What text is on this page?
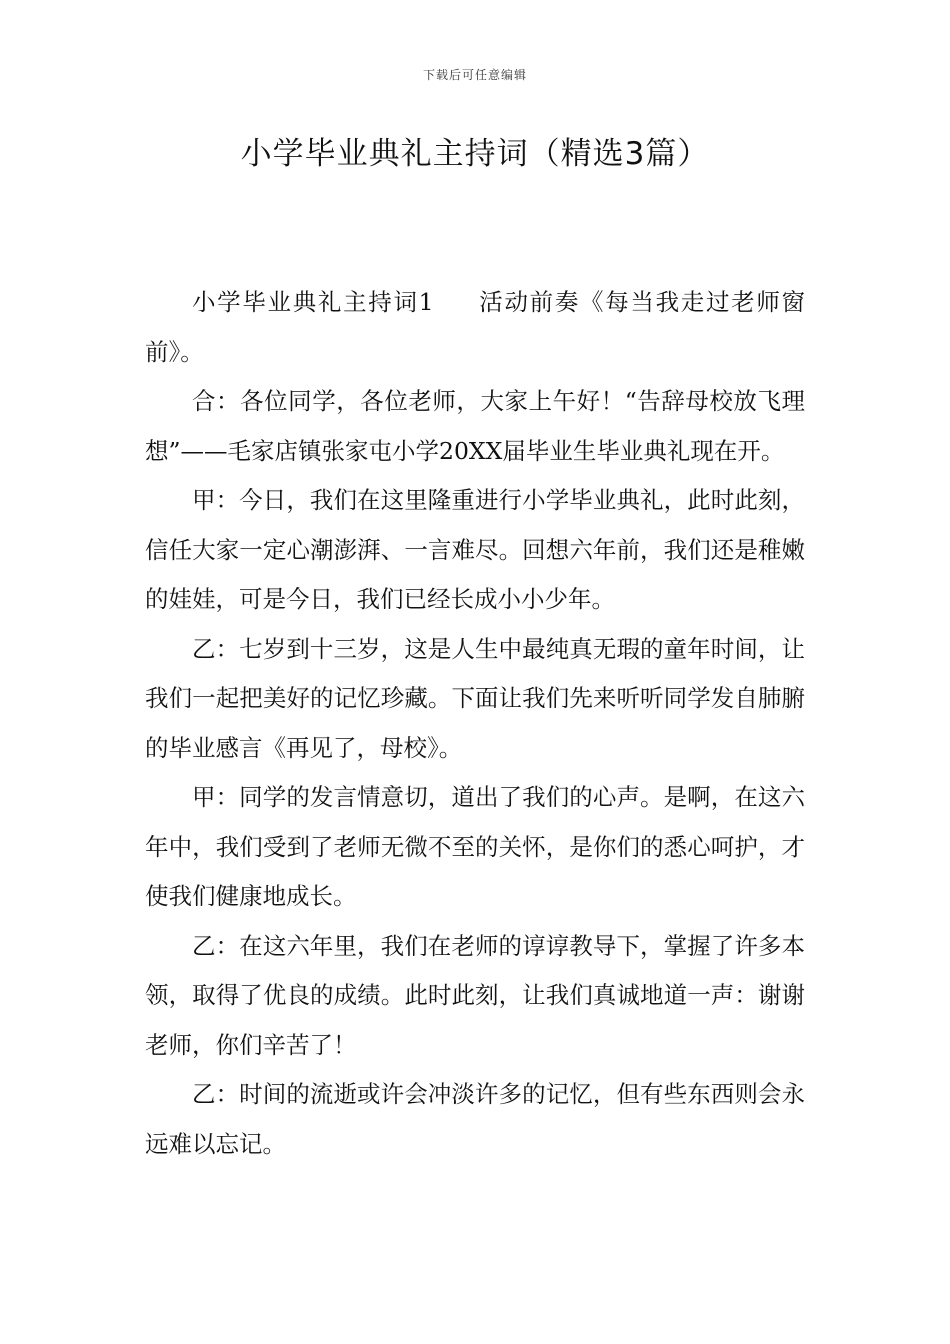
下载后可任意编辑
小学毕业典礼主持词（精选3篇）

小学毕业典礼主持词1 活动前奏《每当我走过老师窗前》。

合：各位同学，各位老师，大家上午好！“告辞母校放飞理想”——毛家店镇张家屯小学20XX届毕业生毕业典礼现在开。

甲：今日，我们在这里隆重进行小学毕业典礼，此时此刻，信任大家一定心潮澎湃、一言难尽。回想六年前，我们还是稚嫩的娃娃，可是今日，我们已经长成小小少年。

乙：七岁到十三岁，这是人生中最纯真无瑕的童年时间，让我们一起把美好的记忆珍藏。下面让我们先来听听同学发自肺腑的毕业感言《再见了，母校》。

甲：同学的发言情意切，道出了我们的心声。是啊，在这六年中，我们受到了老师无微不至的关怀，是你们的悉心呵护，才使我们健康地成长。

乙：在这六年里，我们在老师的谆谆教导下，掌握了许多本领，取得了优良的成绩。此时此刻，让我们真诚地道一声：谢谢老师，你们辛苦了！

乙：时间的流逝或许会冲淡许多的记忆，但有些东西则会永远难以忘记。
